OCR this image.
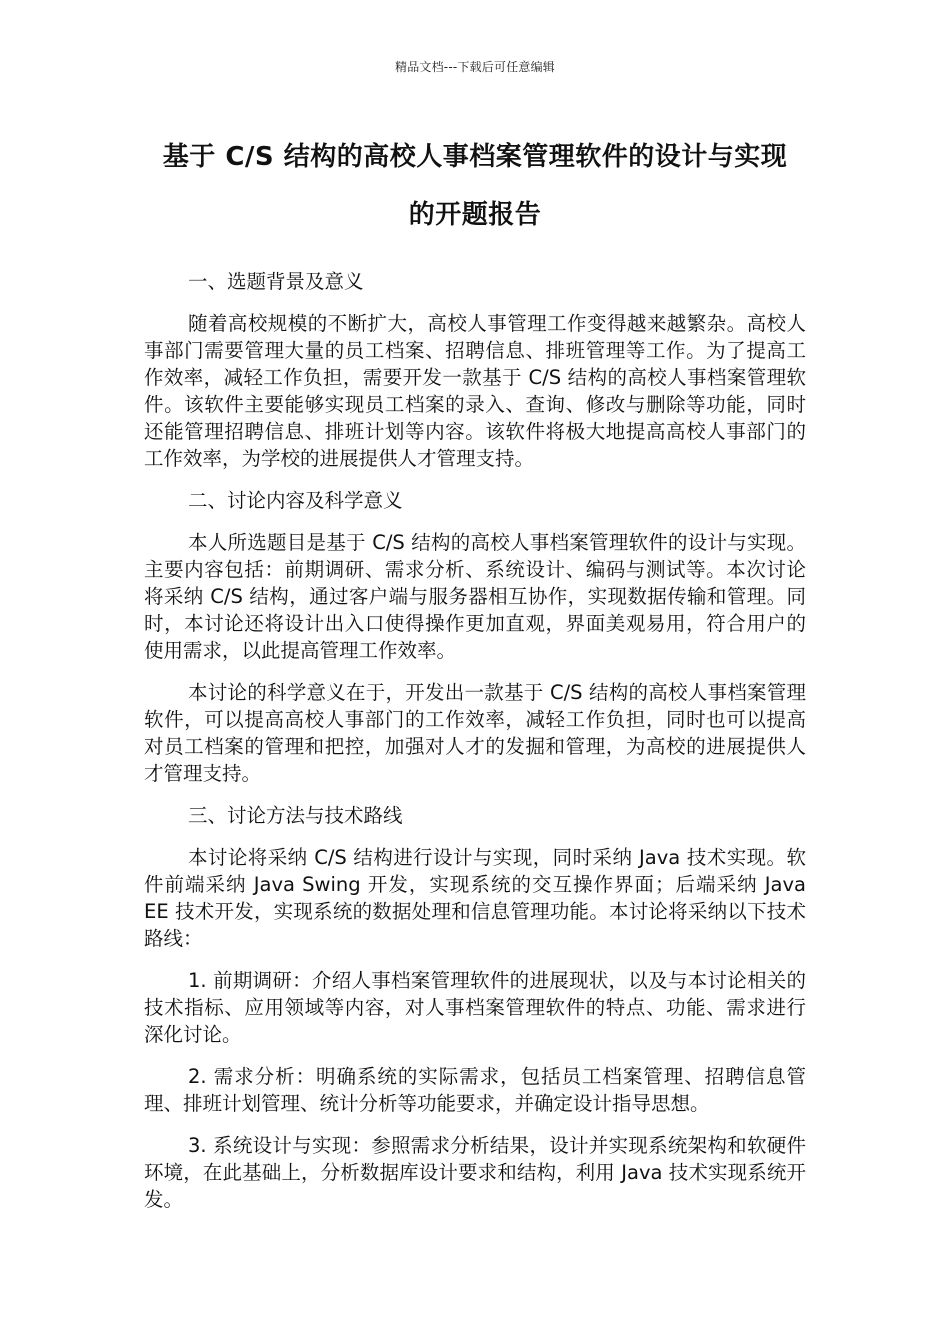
精品文档---下载后可任意编辑
基于 C/S 结构的高校人事档案管理软件的设计与实现
的开题报告

一、选题背景及意义

随着高校规模的不断扩大，高校人事管理工作变得越来越繁杂。高校人事部门需要管理大量的员工档案、招聘信息、排班管理等工作。为了提高工作效率，减轻工作负担，需要开发一款基于 C/S 结构的高校人事档案管理软件。该软件主要能够实现员工档案的录入、查询、修改与删除等功能，同时还能管理招聘信息、排班计划等内容。该软件将极大地提高高校人事部门的工作效率，为学校的进展提供人才管理支持。

二、讨论内容及科学意义

本人所选题目是基于 C/S 结构的高校人事档案管理软件的设计与实现。主要内容包括：前期调研、需求分析、系统设计、编码与测试等。本次讨论将采纳 C/S 结构，通过客户端与服务器相互协作，实现数据传输和管理。同时，本讨论还将设计出入口使得操作更加直观，界面美观易用，符合用户的使用需求，以此提高管理工作效率。

本讨论的科学意义在于，开发出一款基于 C/S 结构的高校人事档案管理软件，可以提高高校人事部门的工作效率，减轻工作负担，同时也可以提高对员工档案的管理和把控，加强对人才的发掘和管理，为高校的进展提供人才管理支持。

三、讨论方法与技术路线

本讨论将采纳 C/S 结构进行设计与实现，同时采纳 Java 技术实现。软件前端采纳 Java Swing 开发，实现系统的交互操作界面；后端采纳 Java EE 技术开发，实现系统的数据处理和信息管理功能。本讨论将采纳以下技术路线：

1. 前期调研：介绍人事档案管理软件的进展现状，以及与本讨论相关的技术指标、应用领域等内容，对人事档案管理软件的特点、功能、需求进行深化讨论。

2. 需求分析：明确系统的实际需求，包括员工档案管理、招聘信息管理、排班计划管理、统计分析等功能要求，并确定设计指导思想。

3. 系统设计与实现：参照需求分析结果，设计并实现系统架构和软硬件环境，在此基础上，分析数据库设计要求和结构，利用 Java 技术实现系统开发。
